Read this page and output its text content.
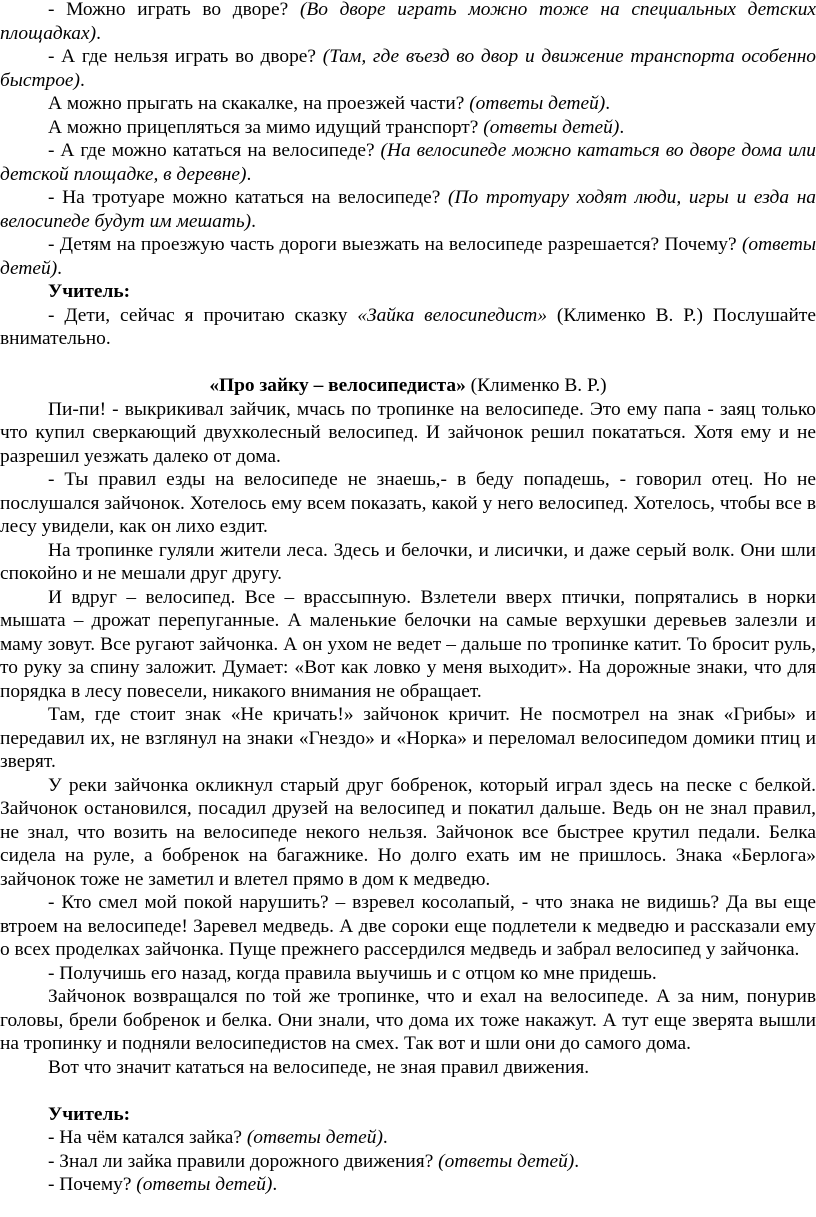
- Можно играть во дворе? (Во дворе играть можно тоже на специальных детских площадках).

- А где нельзя играть во дворе? (Там, где въезд во двор и движение транспорта особенно быстрое).

А можно прыгать на скакалке, на проезжей части? (ответы детей).

А можно прицепляться за мимо идущий транспорт? (ответы детей).

- А где можно кататься на велосипеде? (На велосипеде можно кататься во дворе дома или детской площадке, в деревне).

- На тротуаре можно кататься на велосипеде? (По тротуару ходят люди, игры и езда на велосипеде будут им мешать).

- Детям на проезжую часть дороги выезжать на велосипеде разрешается? Почему? (ответы детей).

Учитель:

- Дети, сейчас я прочитаю сказку «Зайка велосипедист» (Клименко В. Р.) Послушайте внимательно.

«Про зайку – велосипедиста» (Клименко В. Р.)

Пи-пи! - выкрикивал зайчик, мчась по тропинке на велосипеде. Это ему папа - заяц только что купил сверкающий двухколесный велосипед. И зайчонок решил покататься. Хотя ему и не разрешил уезжать далеко от дома.

- Ты правил езды на велосипеде не знаешь,- в беду попадешь, - говорил отец. Но не послушался зайчонок. Хотелось ему всем показать, какой у него велосипед. Хотелось, чтобы все в лесу увидели, как он лихо ездит.

На тропинке гуляли жители леса. Здесь и белочки, и лисички, и даже серый волк. Они шли спокойно и не мешали друг другу.

И вдруг – велосипед. Все – врассыпную. Взлетели вверх птички, попрятались в норки мышата – дрожат перепуганные. А маленькие белочки на самые верхушки деревьев залезли и маму зовут. Все ругают зайчонка. А он ухом не ведет – дальше по тропинке катит. То бросит руль, то руку за спину заложит. Думает: «Вот как ловко у меня выходит». На дорожные знаки, что для порядка в лесу повесели, никакого внимания не обращает.

Там, где стоит знак «Не кричать!» зайчонок кричит. Не посмотрел на знак «Грибы» и передавил их, не взглянул на знаки «Гнездо» и «Норка» и переломал велосипедом домики птиц и зверят.

У реки зайчонка окликнул старый друг бобренок, который играл здесь на песке с белкой. Зайчонок остановился, посадил друзей на велосипед и покатил дальше. Ведь он не знал правил, не знал, что возить на велосипеде некого нельзя. Зайчонок все быстрее крутил педали. Белка сидела на руле, а бобренок на багажнике. Но долго ехать им не пришлось. Знака «Берлога» зайчонок тоже не заметил и влетел прямо в дом к медведю.

- Кто смел мой покой нарушить? – взревел косолапый, - что знака не видишь? Да вы еще втроем на велосипеде! Заревел медведь. А две сороки еще подлетели к медведю и рассказали ему о всех проделках зайчонка. Пуще прежнего рассердился медведь и забрал велосипед у зайчонка.

- Получишь его назад, когда правила выучишь и с отцом ко мне придешь.

Зайчонок возвращался по той же тропинке, что и ехал на велосипеде. А за ним, понурив головы, брели бобренок и белка. Они знали, что дома их тоже накажут. А тут еще зверята вышли на тропинку и подняли велосипедистов на смех. Так вот и шли они до самого дома.

Вот что значит кататься на велосипеде, не зная правил движения.

Учитель:

- На чём катался зайка? (ответы детей).

- Знал ли зайка правили дорожного движения? (ответы детей).

- Почему? (ответы детей).
